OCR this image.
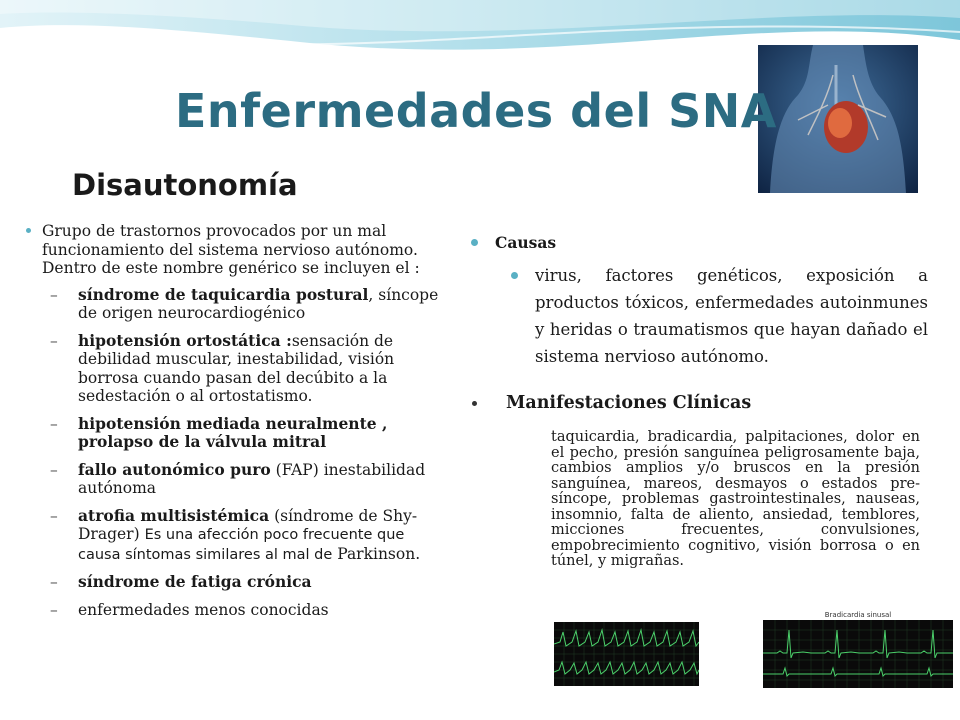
Enfermedades del SNA
Disautonomía
Grupo de trastornos provocados por un mal funcionamiento del sistema nervioso autónomo. Dentro de este nombre genérico se incluyen el :
– síndrome de taquicardia postural, síncope de origen neurocardiogénico
– hipotensión ortostática :sensación de debilidad muscular, inestabilidad, visión borrosa cuando pasan del decúbito a la sedestación o al ortostatismo.
– hipotensión mediada neuralmente , prolapso de la válvula mitral
– fallo autonómico puro (FAP) inestabilidad autónoma
– atrofia multisistémica (síndrome de Shy-Drager) Es una afección poco frecuente que causa síntomas similares al mal de Parkinson.
– síndrome de fatiga crónica
– enfermedades menos conocidas
Causas
virus, factores genéticos, exposición a productos tóxicos, enfermedades autoinmunes y heridas o traumatismos que hayan dañado el sistema nervioso autónomo.
Manifestaciones Clínicas
taquicardia, bradicardia, palpitaciones, dolor en el pecho, presión sanguínea peligrosamente baja, cambios amplios y/o bruscos en la presión sanguínea, mareos, desmayos o estados pre-síncope, problemas gastrointestinales, nauseas, insomnio, falta de aliento, ansiedad, temblores, micciones frecuentes, convulsiones, empobrecimiento cognitivo, visión borrosa o en túnel, y migrañas.
Bradicardia sinusal
